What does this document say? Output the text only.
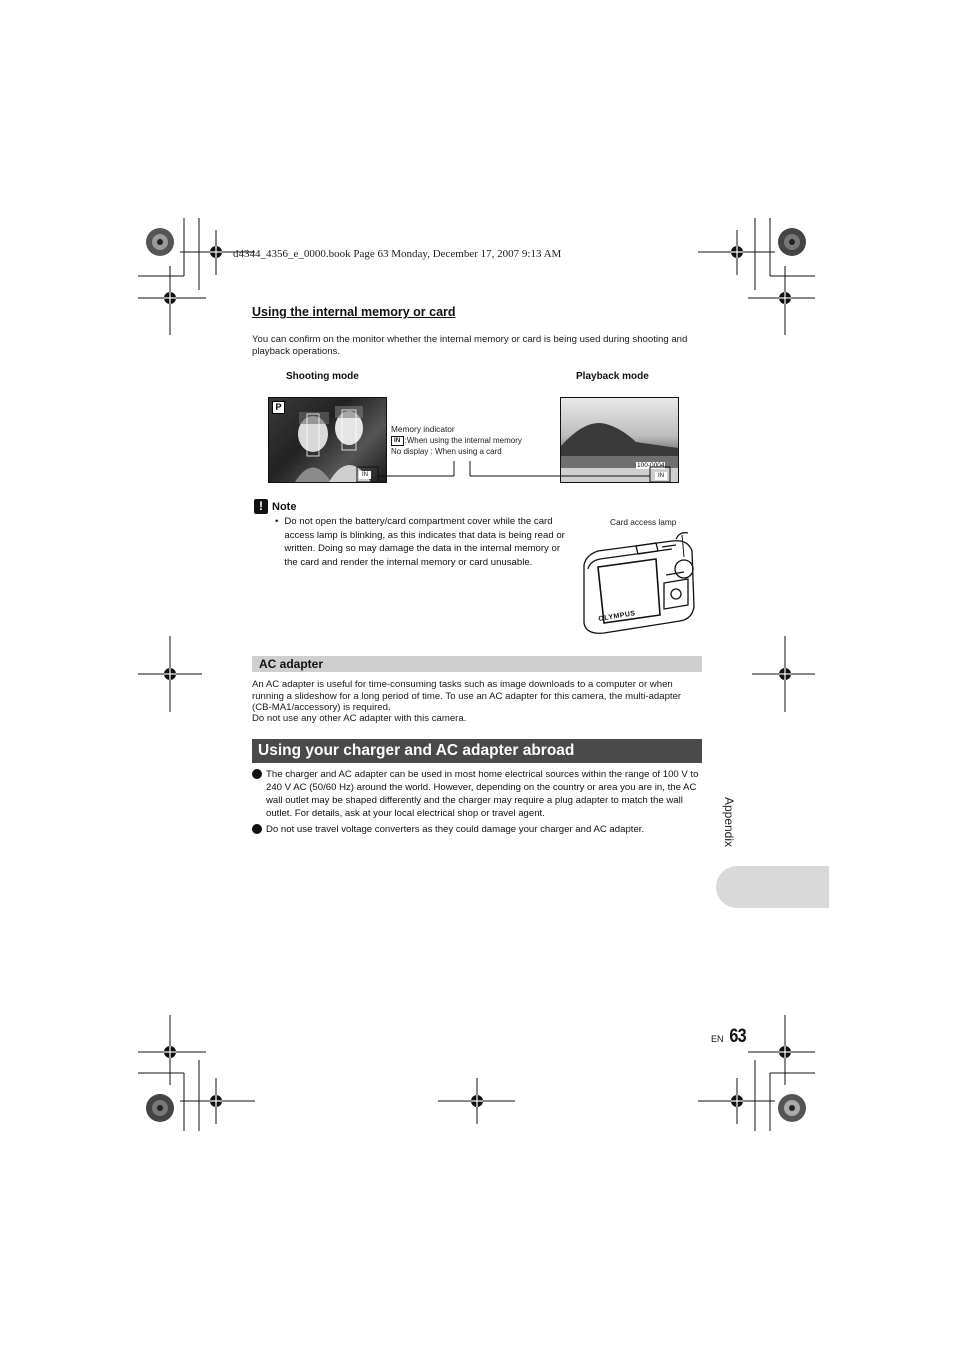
d4344_4356_e_0000.book Page 63 Monday, December 17, 2007 9:13 AM
Using the internal memory or card
You can confirm on the monitor whether the internal memory or card is being used during shooting and playback operations.
Shooting mode	Playback mode
P
IN
100-0004
IN
Memory indicator
IN :When using the internal memory
No display : When using a card
! Note
• Do not open the battery/card compartment cover while the card access lamp is blinking, as this indicates that data is being read or written. Doing so may damage the data in the internal memory or the card and render the internal memory or card unusable.
Card access lamp
OLYMPUS
AC adapter
An AC adapter is useful for time-consuming tasks such as image downloads to a computer or when running a slideshow for a long period of time. To use an AC adapter for this camera, the multi-adapter (CB-MA1/accessory) is required.
Do not use any other AC adapter with this camera.
Using your charger and AC adapter abroad
The charger and AC adapter can be used in most home electrical sources within the range of 100 V to 240 V AC (50/60 Hz) around the world. However, depending on the country or area you are in, the AC wall outlet may be shaped differently and the charger may require a plug adapter to match the wall outlet. For details, ask at your local electrical shop or travel agent.
Do not use travel voltage converters as they could damage your charger and AC adapter.	Appendix
EN 63
